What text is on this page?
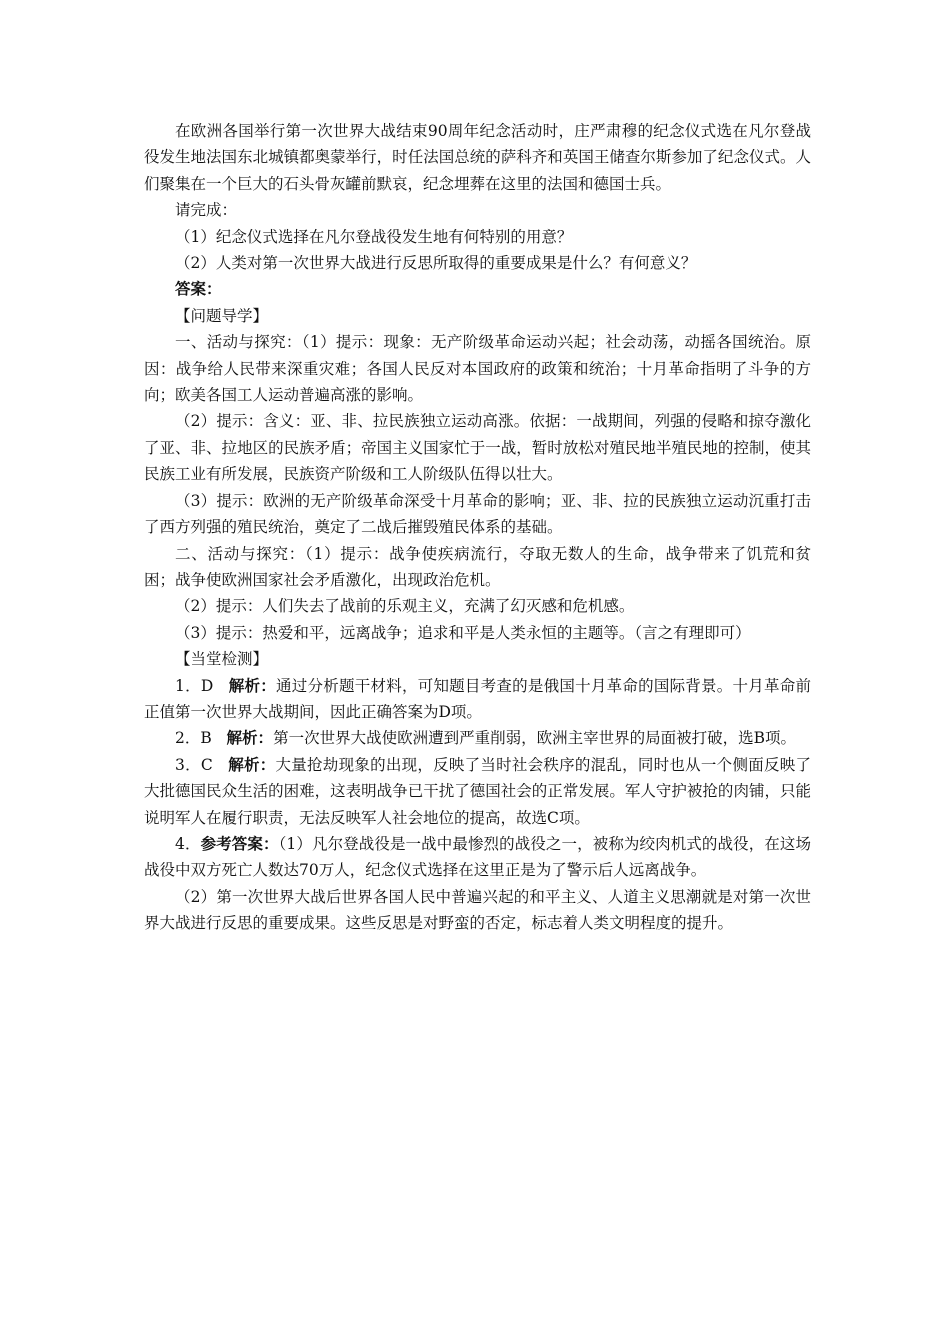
在欧洲各国举行第一次世界大战结束90周年纪念活动时，庄严肃穆的纪念仪式选在凡尔登战役发生地法国东北城镇都奥蒙举行，时任法国总统的萨科齐和英国王储查尔斯参加了纪念仪式。人们聚集在一个巨大的石头骨灰罐前默哀，纪念埋葬在这里的法国和德国士兵。

请完成：

（1）纪念仪式选择在凡尔登战役发生地有何特别的用意？

（2）人类对第一次世界大战进行反思所取得的重要成果是什么？有何意义？

答案：

【问题导学】

一、活动与探究：（1）提示：现象：无产阶级革命运动兴起；社会动荡，动摇各国统治。原因：战争给人民带来深重灾难；各国人民反对本国政府的政策和统治；十月革命指明了斗争的方向；欧美各国工人运动普遍高涨的影响。

（2）提示：含义：亚、非、拉民族独立运动高涨。依据：一战期间，列强的侵略和掠夺激化了亚、非、拉地区的民族矛盾；帝国主义国家忙于一战，暂时放松对殖民地半殖民地的控制，使其民族工业有所发展，民族资产阶级和工人阶级队伍得以壮大。

（3）提示：欧洲的无产阶级革命深受十月革命的影响；亚、非、拉的民族独立运动沉重打击了西方列强的殖民统治，奠定了二战后摧毁殖民体系的基础。

二、活动与探究：（1）提示：战争使疾病流行，夺取无数人的生命，战争带来了饥荒和贫困；战争使欧洲国家社会矛盾激化，出现政治危机。

（2）提示：人们失去了战前的乐观主义，充满了幻灭感和危机感。

（3）提示：热爱和平，远离战争；追求和平是人类永恒的主题等。（言之有理即可）

【当堂检测】

1．D 解析：通过分析题干材料，可知题目考查的是俄国十月革命的国际背景。十月革命前正值第一次世界大战期间，因此正确答案为D项。

2．B 解析：第一次世界大战使欧洲遭到严重削弱，欧洲主宰世界的局面被打破，选B项。

3．C 解析：大量抢劫现象的出现，反映了当时社会秩序的混乱，同时也从一个侧面反映了大批德国民众生活的困难，这表明战争已干扰了德国社会的正常发展。军人守护被抢的肉铺，只能说明军人在履行职责，无法反映军人社会地位的提高，故选C项。

4．参考答案：（1）凡尔登战役是一战中最惨烈的战役之一，被称为绞肉机式的战役，在这场战役中双方死亡人数达70万人，纪念仪式选择在这里正是为了警示后人远离战争。

（2）第一次世界大战后世界各国人民中普遍兴起的和平主义、人道主义思潮就是对第一次世界大战进行反思的重要成果。这些反思是对野蛮的否定，标志着人类文明程度的提升。
